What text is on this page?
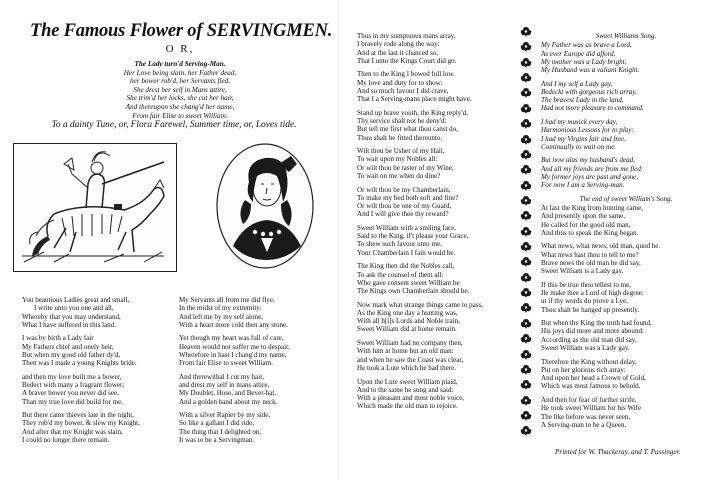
The Famous Flower of SERVINGMEN.
O R,
The Lady turn'd Serving-Man.
Her Love being slain, her Father dead,
her bower rob'd, her Servants fled,
She drest her self in Mans attire,
She trim'd her locks, she cut her hair,
And thereupon she chang'd her name,
From fair Elise to sweet William.
To a dainty Tune, or, Flora Farewel, Summer time, or, Loves tide.
You beautious Ladies great and small,
I write unto you one and all,
Whereby that you may understand,
What I have suffered in this land.
I was by birth a Lady fair
My Fathers chief and onely heir,
But when my good old father dy'd,
Then was I made a young Knights bride.
and then my love built me a bower,
Bedect with many a fragrant flower;
A braver bower you never did see,
Than my true love did build for me.
But there came thieves late in the night,
They rob'd my bower, & slew my Knight,
And after that my Knight was slain,
I could no longer there remain.
My Servants all from me did flye,
In the midst of my extremity:
And left me by my self alone,
With a heart more cold then any stone.
Yet though my heart was full of care,
Heaven would not suffer me to despair,
Wherefore in hast I chang'd my name,
From fair Elise to sweet William.
And therewithal I cut my hair,
and drest my self in mans attire,
My Doublet, Hose, and Bever-hat,
And a golden band about my neck.
With a silver Rapier by my side,
So like a gallant I did ride,
The thing that I delighted on,
It was to be a Servingman.
Thus in my sumptuous mans array,
I bravely rode along the way:
And at the last it chanced so,
That I unto the Kings Court did go.
Then to the King I bowed full low.
My love and duty for to show:
And so much favour I did crave,
That I a Serving-mans place might have.
Stand up brave youth, the King reply'd,
Thy service shall not be deny'd:
But tell me first what thou canst do,
Thou shalt be fitted thereunto.
Wilt thou be Usher of my Hall,
To wait upon my Nobles all:
Or wilt thou be taster of my Wine,
To wait on me when do dine?
Or wilt thou be my Chamberlain,
To make my bed both soft and fine?
Or wilt thou be one of my Guard,
And I will give thee thy reward?
Sweet William with a smiling face,
Said to the King, if't please your Grace,
To shew such favour unto me,
Your Chamberlain I fain would be.
The King then did the Nobles call,
To ask the counsel of them all:
Who gave consent sweet William be
The Kings own Chamberlain should be.
Now mark what strange things came to pass,
As the King one day a hunting was,
With all h[i]s Lords and Noble train,
Sweet William did at home remain.
Sweet William had no company then,
With him at home but an old man:
and when he saw the Coast was clear,
He took a Lute which he had there.
Upon the Lute sweet William plaid,
And to the same he sung and said:
With a pleasant and most noble voice,
Which made the old man to rejoice.
Sweet Williams Song.
My Father was as brave a Lord,
As ever Europe did afford,
My mother was a Lady bright,
My Husband was a valiant Knight.
And I my self a Lady gay,
Bedeckt with gorgeous rich array,
The bravest Lady in the land,
Had not more pleasure to command.
I had my musick every day,
Harmonious Lessons for to play:
I had my Virgins fair and free,
Continually to wait on me.
But now alas my husband's dead,
And all my friends are from me fled:
My former joys are past and gone,
For now I am a Serving-man.
The end of sweet William's Song.
At last the King from hunting came,
And presently upon the same,
He called for the good old man,
And thus to speak the King began.
What news, what news, old man, quod he.
What news hast thou to tell to me?
Brave news the old man he did say,
Sweet William is a Lady gay.
If this be true thou tellest to me,
Ile make thee a Lord of high degree:
ut if thy words do prove a Lye,
Thou shalt be hanged up presently.
But when the King the truth had found,
His joys did more and more abound:
According as the old man did say,
Sweet William was a Lady gay.
Therefore the King without delay,
Put on her glorious rich array:
And upon her head a Crown of Gold,
Which was most famous to behold.
And then for fear of further strife,
He took sweet William for his Wife
The like before was never seen,
A Serving-man to be a Queen.
Printed for W. Thackeray, and T. Passinger.
